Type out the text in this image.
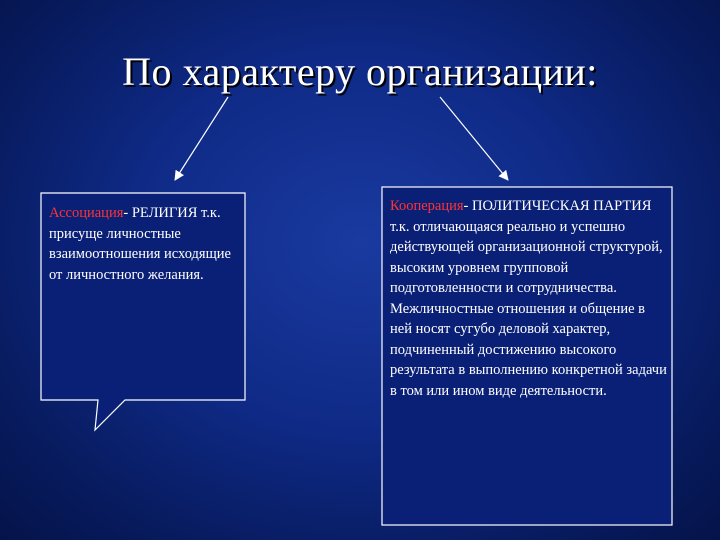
По характеру организации:
Ассоциация- РЕЛИГИЯ т.к. присуще личностные взаимоотношения исходящие от личностного желания.
Кооперация- ПОЛИТИЧЕСКАЯ ПАРТИЯ т.к. отличающаяся реально и успешно действующей организационной структурой, высоким уровнем групповой подготовленности и сотрудничества. Межличностные отношения и общение в ней носят сугубо деловой характер, подчиненный достижению высокого результата в выполнению конкретной задачи в том или ином виде деятельности.
